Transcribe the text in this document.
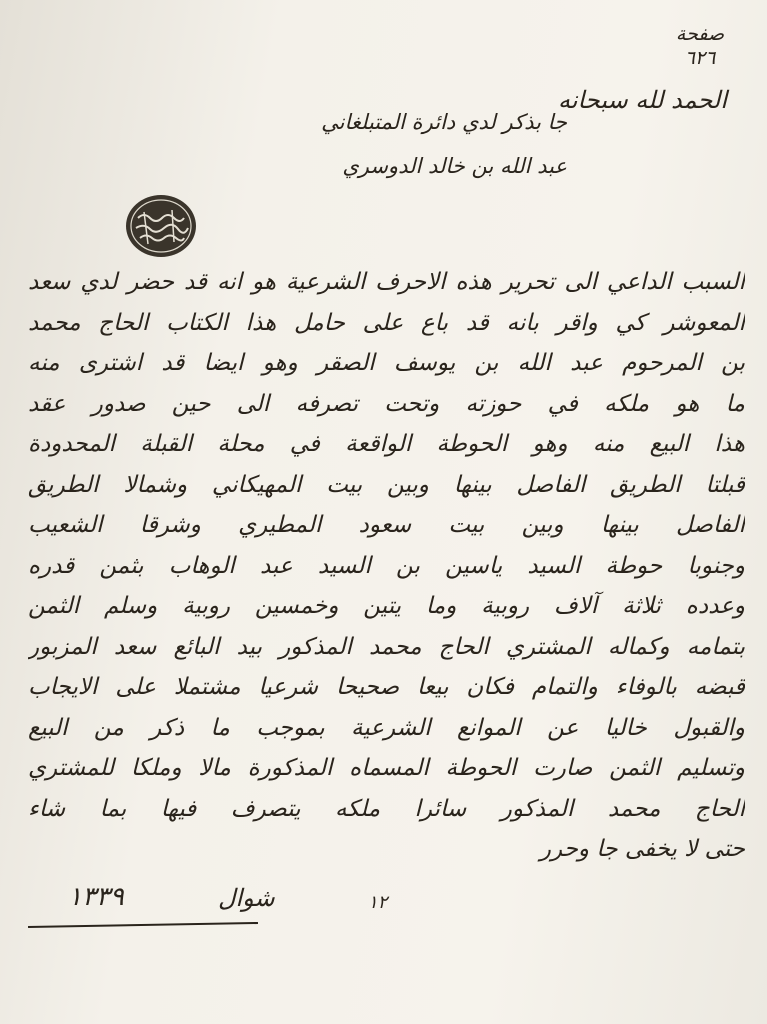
صفحة
٦٢٦
الحمد لله سبحانه
جا بذكر لدي دائرة المتبلغاني
عبد الله بن خالد الدوسري
السبب الداعي الى تحرير هذه الاحرف الشرعية هو انه قد حضر لدي سعد
المعوشر كي واقر بانه قد باع على حامل هذا الكتاب الحاج محمد
بن المرحوم عبد الله بن يوسف الصقر وهو ايضا قد اشترى منه
ما هو ملكه في حوزته وتحت تصرفه الى حين صدور عقد
هذا البيع منه وهو الحوطة الواقعة في محلة القبلة المحدودة
قبلتا الطريق الفاصل بينها وبين بيت المهيكاني وشمالا الطريق
الفاصل بينها وبين بيت سعود المطيري وشرقا الشعيب
وجنوبا حوطة السيد ياسين بن السيد عبد الوهاب بثمن قدره
وعدده ثلاثة آلاف روبية وما يتين وخمسين روبية وسلم الثمن
بتمامه وكماله المشتري الحاج محمد المذكور بيد البائع سعد المزبور
قبضه بالوفاء والتمام فكان بيعا صحيحا شرعيا مشتملا على الايجاب
والقبول خاليا عن الموانع الشرعية بموجب ما ذكر من البيع
وتسليم الثمن صارت الحوطة المسماه المذكورة مالا وملكا للمشتري
الحاج محمد المذكور سائرا ملكه يتصرف فيها بما شاء
حتى لا يخفى جا وحرر
١٣٣٩	شوال	١٢
